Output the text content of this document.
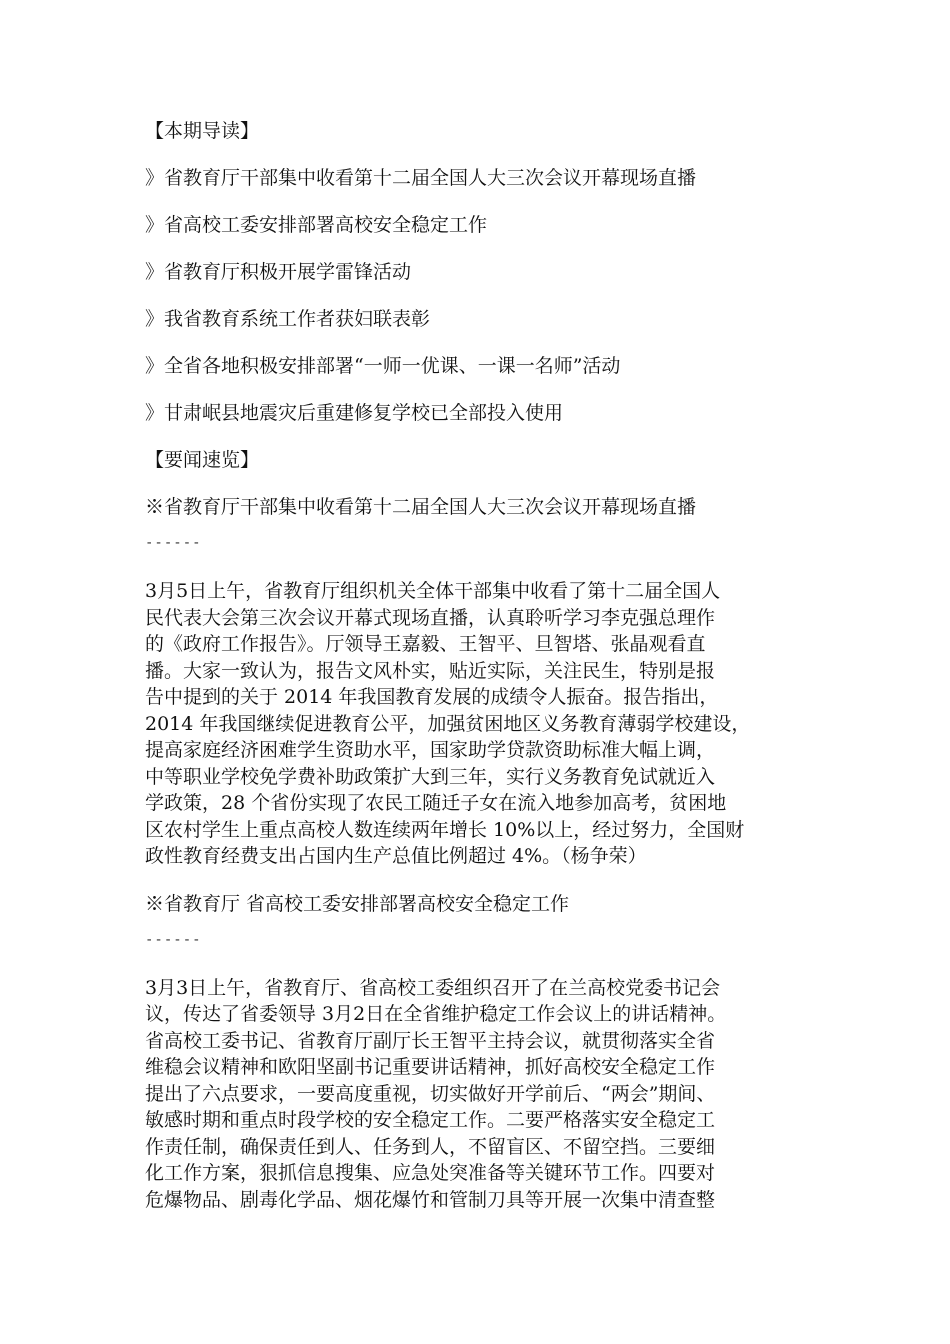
【本期导读】

》省教育厅干部集中收看第十二届全国人大三次会议开幕现场直播

》省高校工委安排部署高校安全稳定工作

》省教育厅积极开展学雷锋活动

》我省教育系统工作者获妇联表彰

》全省各地积极安排部署“一师一优课、一课一名师”活动

》甘肃岷县地震灾后重建修复学校已全部投入使用

【要闻速览】

※省教育厅干部集中收看第十二届全国人大三次会议开幕现场直播

------

3月5日上午，省教育厅组织机关全体干部集中收看了第十二届全国人
民代表大会第三次会议开幕式现场直播，认真聆听学习李克强总理作
的《政府工作报告》。厅领导王嘉毅、王智平、旦智塔、张晶观看直
播。大家一致认为，报告文风朴实，贴近实际，关注民生，特别是报
告中提到的关于 2014 年我国教育发展的成绩令人振奋。报告指出，
2014 年我国继续促进教育公平，加强贫困地区义务教育薄弱学校建设，
提高家庭经济困难学生资助水平，国家助学贷款资助标准大幅上调，
中等职业学校免学费补助政策扩大到三年，实行义务教育免试就近入
学政策，28 个省份实现了农民工随迁子女在流入地参加高考，贫困地
区农村学生上重点高校人数连续两年增长 10%以上，经过努力，全国财
政性教育经费支出占国内生产总值比例超过 4%。（杨争荣）

※省教育厅 省高校工委安排部署高校安全稳定工作

------

3月3日上午，省教育厅、省高校工委组织召开了在兰高校党委书记会
议，传达了省委领导 3月2日在全省维护稳定工作会议上的讲话精神。
省高校工委书记、省教育厅副厅长王智平主持会议，就贯彻落实全省
维稳会议精神和欧阳坚副书记重要讲话精神，抓好高校安全稳定工作
提出了六点要求，一要高度重视，切实做好开学前后、“两会”期间、
敏感时期和重点时段学校的安全稳定工作。二要严格落实安全稳定工
作责任制，确保责任到人、任务到人，不留盲区、不留空挡。三要细
化工作方案，狠抓信息搜集、应急处突准备等关键环节工作。四要对
危爆物品、剧毒化学品、烟花爆竹和管制刀具等开展一次集中清查整
